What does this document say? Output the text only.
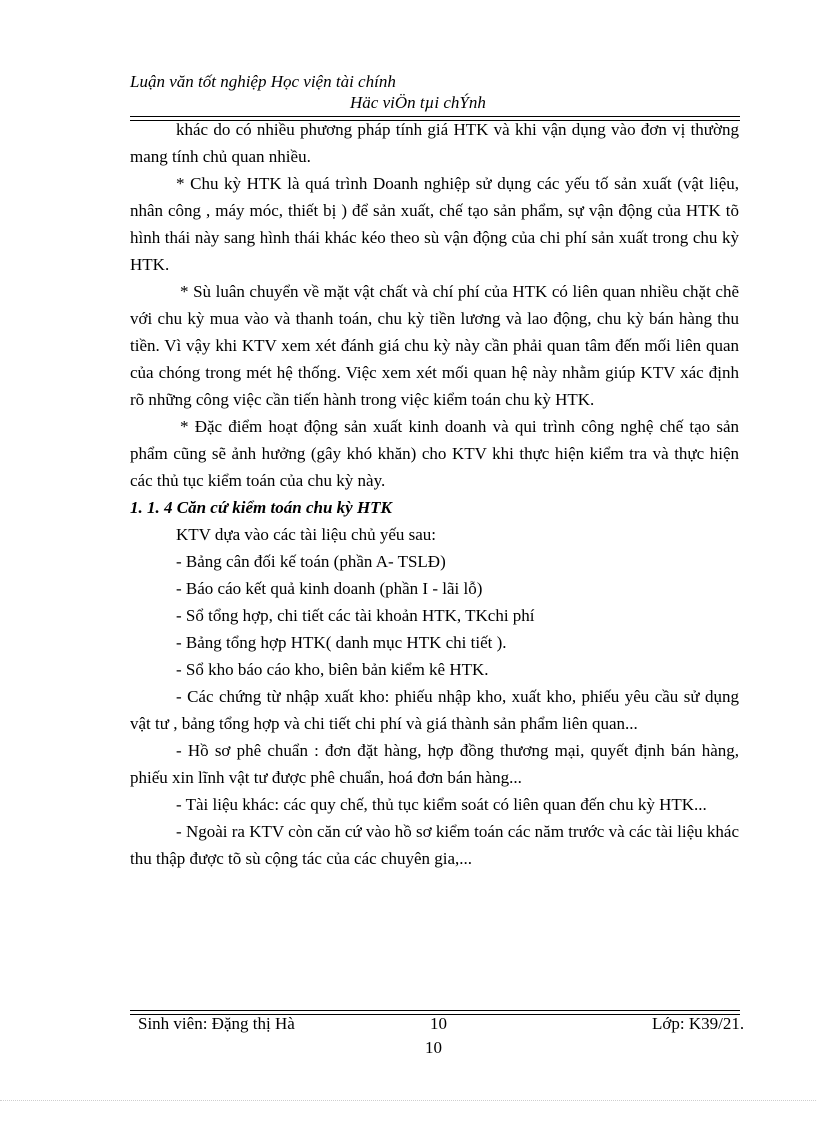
Luận văn tốt nghiệp Học viện tài chính
Häc viÖn tµi chÝnh

khác do có nhiều phương pháp tính giá HTK và khi vận dụng vào đơn vị thường mang tính chủ quan nhiều.

* Chu kỳ HTK là quá trình Doanh nghiệp sử dụng các yếu tố sản xuất (vật liệu, nhân công , máy móc, thiết bị ) để sản xuất, chế tạo sản phẩm, sự vận động của HTK tõ hình thái này sang hình thái khác kéo theo sù vận động của chi phí sản xuất trong chu kỳ HTK.

* Sù luân chuyển về mặt vật chất và chí phí của HTK có liên quan nhiều chặt chẽ với chu kỳ mua vào và thanh toán, chu kỳ tiền lương và lao động, chu kỳ bán hàng thu tiền. Vì vậy khi KTV xem xét đánh giá chu kỳ này cần phải quan tâm đến mối liên quan của chóng trong mét hệ thống. Việc xem xét mối quan hệ này nhằm giúp KTV xác định rõ những công việc cần tiến hành trong việc kiểm toán chu kỳ HTK.

* Đặc điểm hoạt động sản xuất kinh doanh và qui trình công nghệ chế tạo sản phẩm cũng sẽ ảnh hưởng (gây khó khăn) cho KTV khi thực hiện kiểm tra và thực hiện các thủ tục kiểm toán của chu kỳ này.

1. 1. 4 Căn cứ kiểm toán chu kỳ HTK

KTV dựa vào các tài liệu chủ yếu sau:

- Bảng cân đối kế toán (phần A- TSLĐ)

- Báo cáo kết quả kinh doanh (phần I - lãi lỗ)

- Sổ tổng hợp, chi tiết các tài khoản HTK, TKchi phí

- Bảng tổng hợp HTK( danh mục HTK chi tiết ).

- Sổ kho báo cáo kho, biên bản kiểm kê HTK.

- Các chứng từ nhập xuất kho: phiếu nhập kho, xuất kho, phiếu yêu cầu sử dụng vật tư , bảng tổng hợp và chi tiết chi phí và giá thành sản phẩm liên quan...

- Hồ sơ phê chuẩn : đơn đặt hàng, hợp đồng thương mại, quyết định bán hàng, phiếu xin lĩnh vật tư được phê chuẩn, hoá đơn bán hàng...

- Tài liệu khác: các quy chế, thủ tục kiểm soát có liên quan đến chu kỳ HTK...

- Ngoài ra KTV còn căn cứ vào hồ sơ kiểm toán các năm trước và các tài liệu khác thu thập được tõ sù cộng tác của các chuyên gia,...

Sinh viên: Đặng thị Hà	10
10
Lớp: K39/21.
